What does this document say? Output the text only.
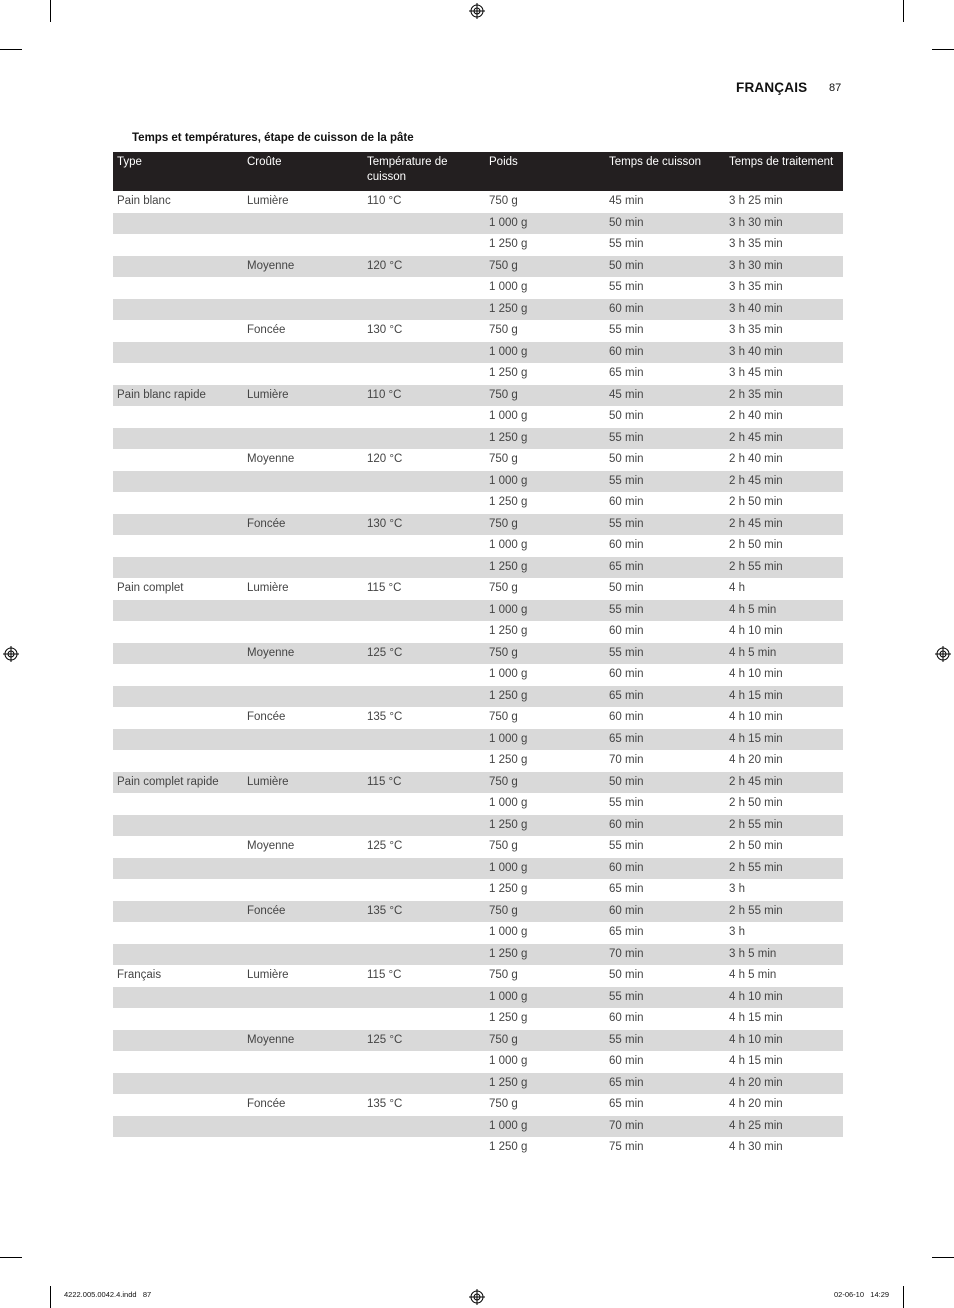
FRANÇAIS 87
Temps et températures, étape de cuisson de la pâte
Type	Croûte	Température de cuisson	Poids	Temps de cuisson	Temps de traitement
Pain blanc	Lumière	110 °C	750 g	45 min	3 h 25 min
			1 000 g	50 min	3 h 30 min
			1 250 g	55 min	3 h 35 min
	Moyenne	120 °C	750 g	50 min	3 h 30 min
			1 000 g	55 min	3 h 35 min
			1 250 g	60 min	3 h 40 min
	Foncée	130 °C	750 g	55 min	3 h 35 min
			1 000 g	60 min	3 h 40 min
			1 250 g	65 min	3 h 45 min
Pain blanc rapide	Lumière	110 °C	750 g	45 min	2 h 35 min
			1 000 g	50 min	2 h 40 min
			1 250 g	55 min	2 h 45 min
	Moyenne	120 °C	750 g	50 min	2 h 40 min
			1 000 g	55 min	2 h 45 min
			1 250 g	60 min	2 h 50 min
	Foncée	130 °C	750 g	55 min	2 h 45 min
			1 000 g	60 min	2 h 50 min
			1 250 g	65 min	2 h 55 min
Pain complet	Lumière	115 °C	750 g	50 min	4 h
			1 000 g	55 min	4 h 5 min
			1 250 g	60 min	4 h 10 min
	Moyenne	125 °C	750 g	55 min	4 h 5 min
			1 000 g	60 min	4 h 10 min
			1 250 g	65 min	4 h 15 min
	Foncée	135 °C	750 g	60 min	4 h 10 min
			1 000 g	65 min	4 h 15 min
			1 250 g	70 min	4 h 20 min
Pain complet rapide	Lumière	115 °C	750 g	50 min	2 h 45 min
			1 000 g	55 min	2 h 50 min
			1 250 g	60 min	2 h 55 min
	Moyenne	125 °C	750 g	55 min	2 h 50 min
			1 000 g	60 min	2 h 55 min
			1 250 g	65 min	3 h
	Foncée	135 °C	750 g	60 min	2 h 55 min
			1 000 g	65 min	3 h
			1 250 g	70 min	3 h 5 min
Français	Lumière	115 °C	750 g	50 min	4 h 5 min
			1 000 g	55 min	4 h 10 min
			1 250 g	60 min	4 h 15 min
	Moyenne	125 °C	750 g	55 min	4 h 10 min
			1 000 g	60 min	4 h 15 min
			1 250 g	65 min	4 h 20 min
	Foncée	135 °C	750 g	65 min	4 h 20 min
			1 000 g	70 min	4 h 25 min
			1 250 g	75 min	4 h 30 min
4222.005.0042.4.indd   87	02-06-10   14:29
